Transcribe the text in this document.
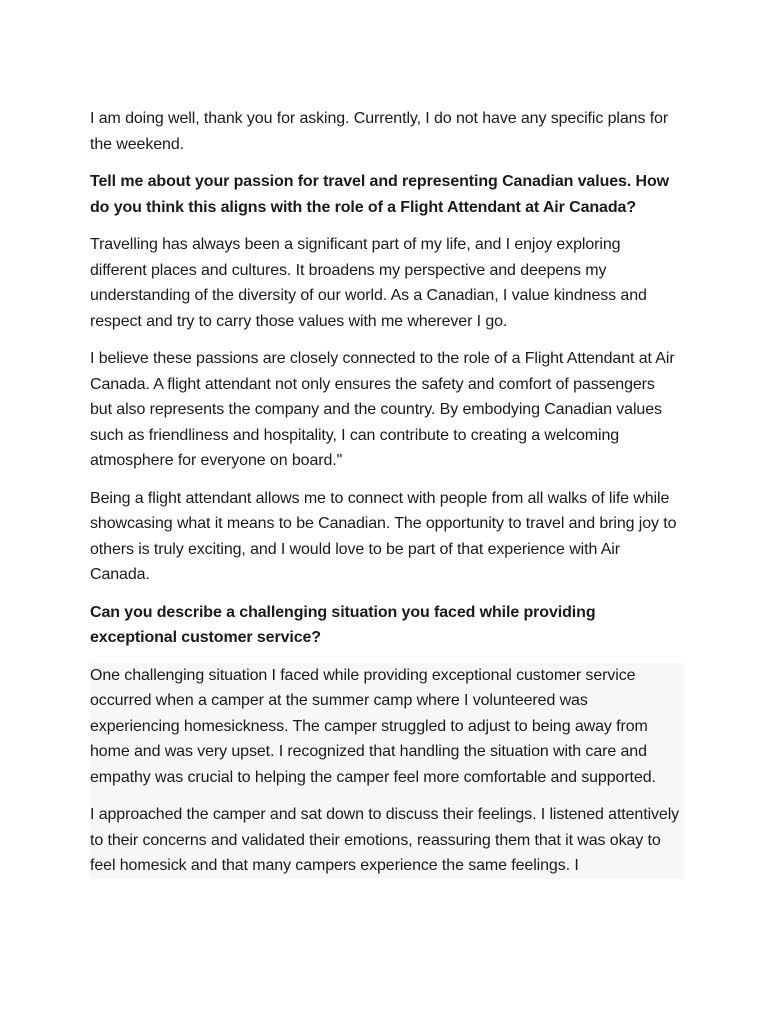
I am doing well, thank you for asking. Currently, I do not have any specific plans for the weekend.

Tell me about your passion for travel and representing Canadian values. How do you think this aligns with the role of a Flight Attendant at Air Canada?

Travelling has always been a significant part of my life, and I enjoy exploring different places and cultures. It broadens my perspective and deepens my understanding of the diversity of our world. As a Canadian, I value kindness and respect and try to carry those values with me wherever I go.

I believe these passions are closely connected to the role of a Flight Attendant at Air Canada. A flight attendant not only ensures the safety and comfort of passengers but also represents the company and the country. By embodying Canadian values such as friendliness and hospitality, I can contribute to creating a welcoming atmosphere for everyone on board."

Being a flight attendant allows me to connect with people from all walks of life while showcasing what it means to be Canadian. The opportunity to travel and bring joy to others is truly exciting, and I would love to be part of that experience with Air Canada.

Can you describe a challenging situation you faced while providing exceptional customer service?

One challenging situation I faced while providing exceptional customer service occurred when a camper at the summer camp where I volunteered was experiencing homesickness. The camper struggled to adjust to being away from home and was very upset. I recognized that handling the situation with care and empathy was crucial to helping the camper feel more comfortable and supported.

I approached the camper and sat down to discuss their feelings. I listened attentively to their concerns and validated their emotions, reassuring them that it was okay to feel homesick and that many campers experience the same feelings. I
